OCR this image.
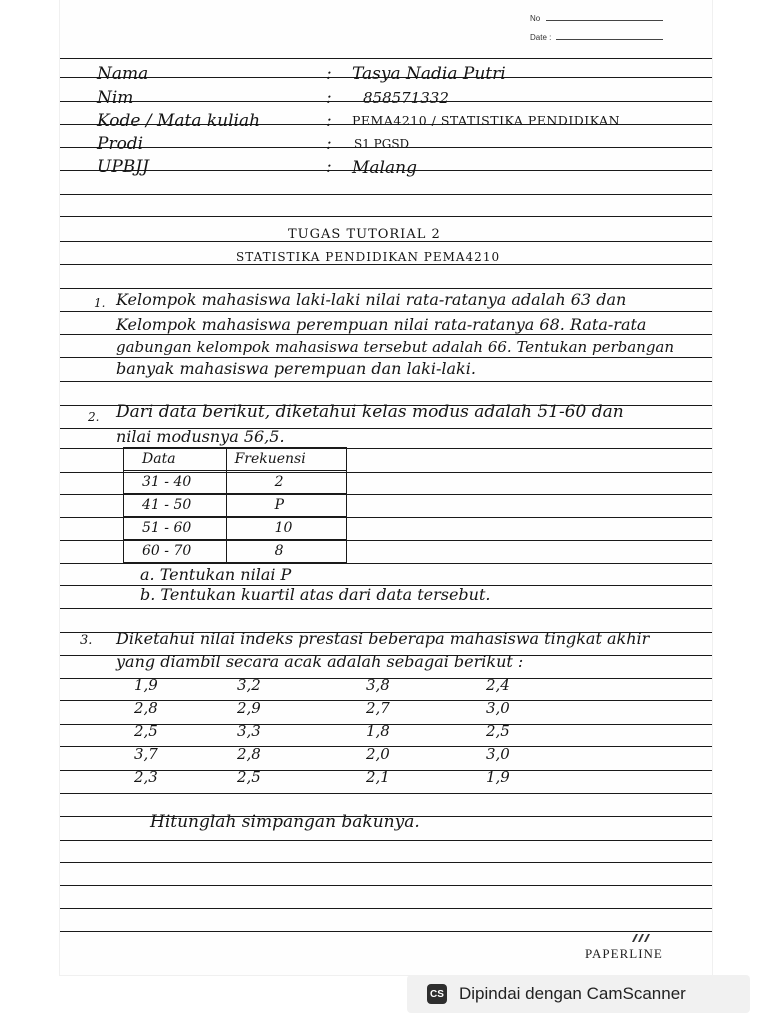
No
Date :
Nama	: Tasya Nadia Putri
Nim	: 858571332
Kode / Mata kuliah	: PEMA4210 / STATISTIKA PENDIDIKAN
Prodi	: S1 PGSD
UPBJJ	: Malang
TUGAS TUTORIAL 2
STATISTIKA PENDIDIKAN PEMA4210
1. Kelompok mahasiswa laki-laki nilai rata-ratanya adalah 63 dan
Kelompok mahasiswa perempuan nilai rata-ratanya 68. Rata-rata
gabungan kelompok mahasiswa tersebut adalah 66. Tentukan perbangan
banyak mahasiswa perempuan dan laki-laki.
2. Dari data berikut, diketahui kelas modus adalah 51-60 dan
nilai modusnya 56,5.
Data	Frekuensi
31 - 40	2
41 - 50	P
51 - 60	10
60 - 70	8
a. Tentukan nilai P
b. Tentukan kuartil atas dari data tersebut.
3. Diketahui nilai indeks prestasi beberapa mahasiswa tingkat akhir
yang diambil secara acak adalah sebagai berikut :
1,9	3,2	3,8	2,4
2,8	2,9	2,7	3,0
2,5	3,3	1,8	2,5
3,7	2,8	2,0	3,0
2,3	2,5	2,1	1,9
Hitunglah simpangan bakunya.
PAPERLINE
CS Dipindai dengan CamScanner
